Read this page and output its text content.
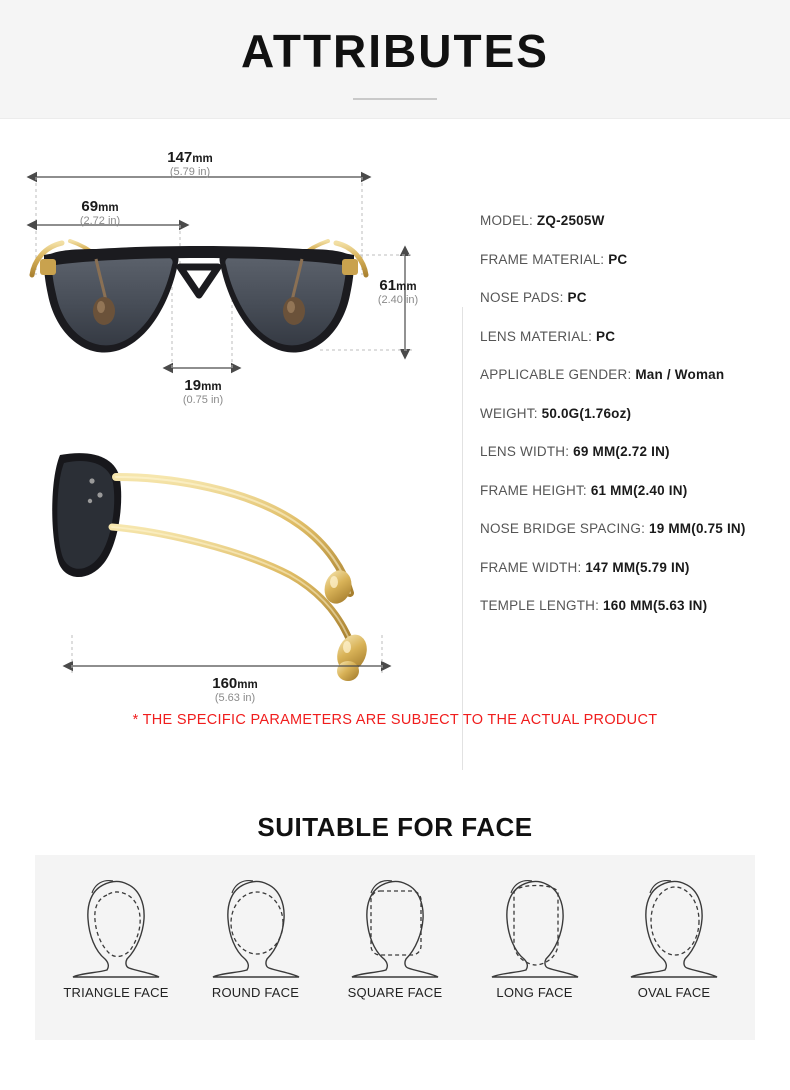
ATTRIBUTES
147mm
(5.79 in)
69mm
(2.72 in)
61mm
(2.40 in)
19mm
(0.75 in)
160mm
(5.63 in)
MODEL: ZQ-2505W
FRAME MATERIAL: PC
NOSE PADS: PC
LENS MATERIAL: PC
APPLICABLE GENDER: Man / Woman
WEIGHT: 50.0G(1.76oz)
LENS WIDTH: 69 MM(2.72 IN)
FRAME HEIGHT: 61 MM(2.40 IN)
NOSE BRIDGE SPACING: 19 MM(0.75 IN)
FRAME WIDTH: 147 MM(5.79 IN)
TEMPLE LENGTH: 160 MM(5.63 IN)
* THE SPECIFIC PARAMETERS ARE SUBJECT TO THE ACTUAL PRODUCT
SUITABLE FOR FACE
TRIANGLE FACE	ROUND FACE	SQUARE FACE	LONG FACE	OVAL FACE
